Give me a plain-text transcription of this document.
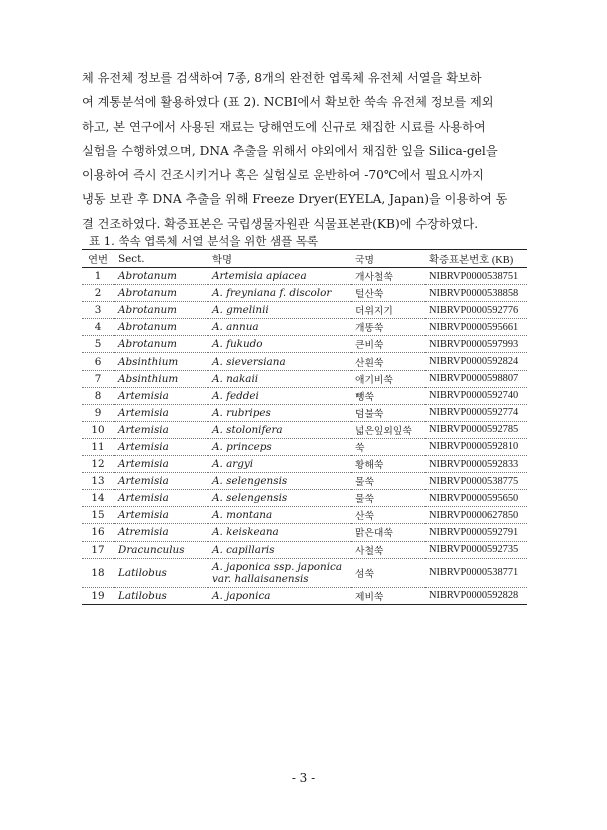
체 유전체 정보를 검색하여 7종, 8개의 완전한 엽록체 유전체 서열을 확보하
여 계통분석에 활용하였다 (표 2). NCBI에서 확보한 쑥속 유전체 정보를 제외
하고, 본 연구에서 사용된 재료는 당해연도에 신규로 채집한 시료를 사용하여
실험을 수행하였으며, DNA 추출을 위해서 야외에서 채집한 잎을 Silica-gel을
이용하여 즉시 건조시키거나 혹은 실험실로 운반하여 -70℃에서 필요시까지
냉동 보관 후 DNA 추출을 위해 Freeze Dryer(EYELA, Japan)을 이용하여 동
결 건조하였다. 확증표본은 국립생물자원관 식물표본관(KB)에 수장하였다.
표 1. 쑥속 엽록체 서열 분석을 위한 샘플 목록
연번	Sect.	학명	국명	확증표본번호 (KB)
1	Abrotanum	Artemisia apiacea	개사철쑥	NIBRVP0000538751
2	Abrotanum	A. freyniana f. discolor	털산쑥	NIBRVP0000538858
3	Abrotanum	A. gmelinii	더위지기	NIBRVP0000592776
4	Abrotanum	A. annua	개똥쑥	NIBRVP0000595661
5	Abrotanum	A. fukudo	큰비쑥	NIBRVP0000597993
6	Absinthium	A. sieversiana	산흰쑥	NIBRVP0000592824
7	Absinthium	A. nakaii	애기비쑥	NIBRVP0000598807
8	Artemisia	A. feddei	뺑쑥	NIBRVP0000592740
9	Artemisia	A. rubripes	덤불쑥	NIBRVP0000592774
10	Artemisia	A. stolonifera	넓은잎외잎쑥	NIBRVP0000592785
11	Artemisia	A. princeps	쑥	NIBRVP0000592810
12	Artemisia	A. argyi	황해쑥	NIBRVP0000592833
13	Artemisia	A. selengensis	물쑥	NIBRVP0000538775
14	Artemisia	A. selengensis	물쑥	NIBRVP0000595650
15	Artemisia	A. montana	산쑥	NIBRVP0000627850
16	Atremisia	A. keiskeana	맑은대쑥	NIBRVP0000592791
17	Dracunculus	A. capillaris	사철쑥	NIBRVP0000592735
18	Latilobus	A. japonica ssp. japonica var. hallaisanensis	섬쑥	NIBRVP0000538771
19	Latilobus	A. japonica	제비쑥	NIBRVP0000592828
- 3 -
